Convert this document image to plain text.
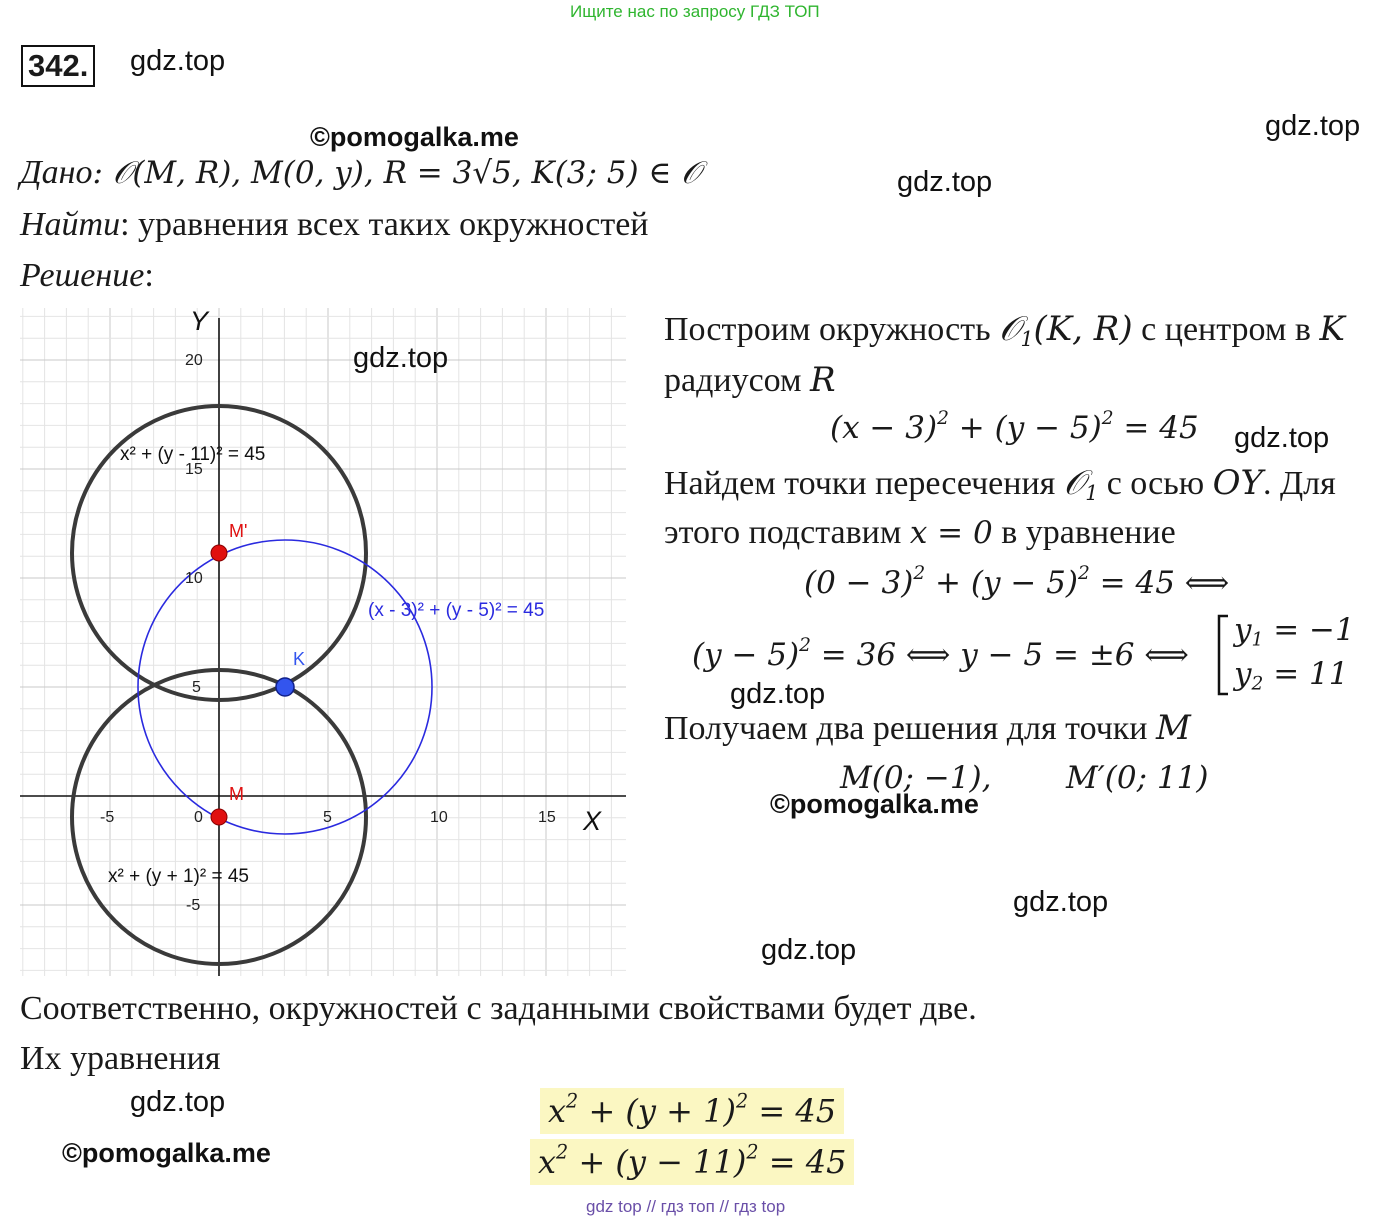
Ищите нас по запросу ГДЗ ТОП
342. gdz.top
©pomogalka.me	gdz.top
gdz.top
Дано: 𝒪(M, R), M(0, y), R = 3√5, K(3; 5) ∈ 𝒪
Найти: уравнения всех таких окружностей
Решение:
X
Y
-5	0	5	10	15
20
15
10
5
-5
M'
K
M
x² + (y - 11)² = 45
(x - 3)² + (y - 5)² = 45
x² + (y + 1)² = 45
gdz.top
Построим окружность 𝒪$_1$(K, R) с центром в K
радиусом R
$(x - 3)^2 + (y - 5)^2 = 45$ gdz.top
Найдем точки пересечения 𝒪$_1$ с осью OY. Для
этого подставим x = 0 в уравнение
$(0 - 3)^2 + (y - 5)^2 = 45$ ⟺
$(y - 5)^2 = 36$ ⟺ y − 5 = ±6 ⟺
$y_1 = -1$
$y_2 = 11$
gdz.top
Получаем два решения для точки M
M(0; −1), M′(0; 11)
©pomogalka.me
gdz.top
gdz.top
Соответственно, окружностей с заданными свойствами будет две.
Их уравнения
gdz.top
©pomogalka.me
$x^2 + (y + 1)^2 = 45$
$x^2 + (y - 11)^2 = 45$
gdz top // гдз топ // гдз top
